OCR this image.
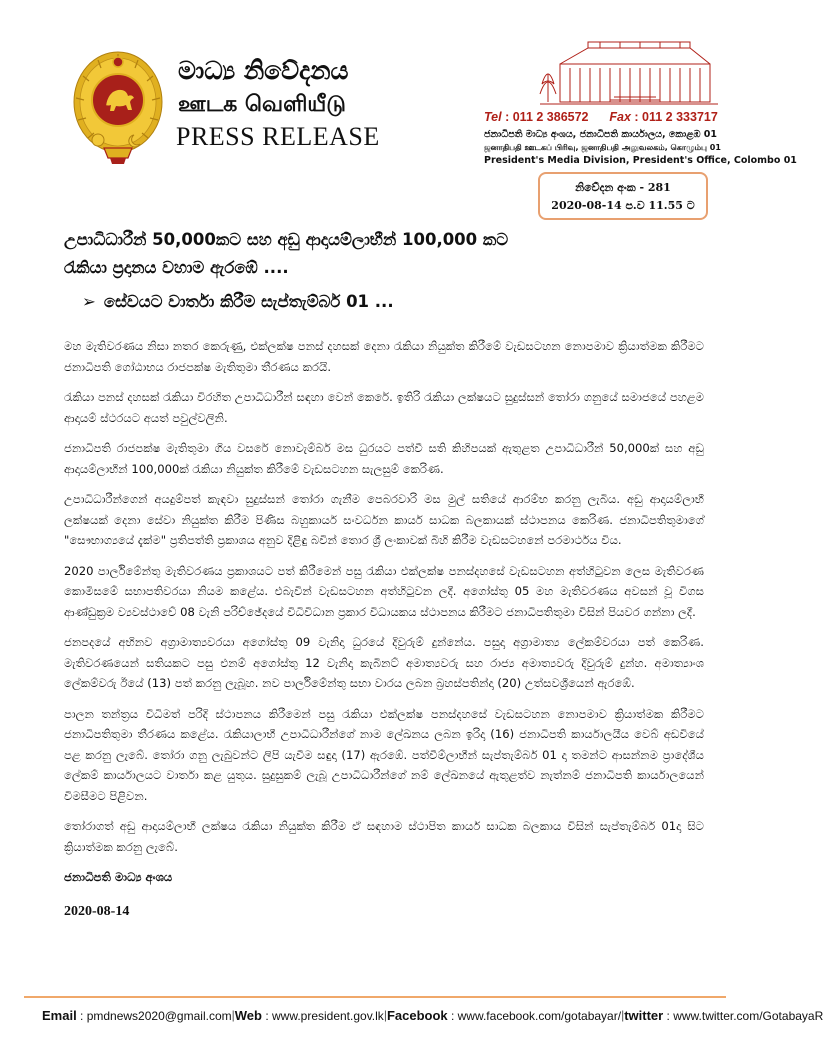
මාධ්‍ය නිවේදනය
ஊடக வெளியீடு
PRESS RELEASE
Tel : 011 2 386572 Fax : 011 2 333717
ජනාධිපති මාධ්‍ය අංශය, ජනාධිපති කාර්යාලය, කොළඹ 01
ஜனாதிபதி ஊடகப் பிரிவு, ஜனாதிபதி அலுவலகம், கொழும்பு 01
President's Media Division, President's Office, Colombo 01
නිවේදන අංක - 281
2020-08-14 ප.ව 11.55 ට
උපාධිධාරීන් 50,000කට සහ අඩු ආදායම්ලාභීන් 100,000 කට
රැකියා ප්‍රදානය වහාම ඇරඹේ ....
➢ සේවයට වාර්තා කිරීම සැප්තැම්බර් 01 ...

මහ මැතිවරණය නිසා නතර කෙරුණු, එක්ලක්ෂ පනස් දහසක් දෙනා රැකියා නියුක්ත කිරීමේ වැඩසටහන නොපමාව ක්‍රියාත්මක කිරීමට ජනාධිපති ගෝඨාභය රාජපක්ෂ මැතිතුමා තීරණය කරයි.

රැකියා පනස් දහසක් රැකියා විරහිත උපාධිධාරීන් සඳහා වෙන් කෙරේ. ඉතිරි රැකියා ලක්ෂයට සුදුස්සන් තෝරා ගනුයේ සමාජයේ පහළම ආදායම් ස්ථරයට අයත් පවුල්වලිනි.

ජනාධිපති රාජපක්ෂ මැතිතුමා ගිය වසරේ නොවැම්බර් මස ධුරයට පත්වී සති කිහිපයක් ඇතුළත උපාධිධාරීන් 50,000ක් සහ අඩු ආදායම්ලාභීන් 100,000ක් රැකියා නියුක්ත කිරීමේ වැඩසටහන සැලසුම් කෙරිණ.

උපාධිධාරීන්ගෙන් අයදුම්පත් කැඳවා සුදුස්සන් තෝරා ගැනීම පෙබරවාරි මස මුල් සතියේ ආරම්භ කරනු ලැබිය. අඩු ආදායම්ලාභී ලක්ෂයක් දෙනා සේවා නියුක්ත කිරීම පිණිස බහුකාර්ය සංවර්ධන කාර්ය සාධක බලකායක් ස්ථාපනය කෙරිණ. ජනාධිපතිතුමාගේ "සෞභාග්‍යයේ දැක්ම" ප්‍රතිපත්ති ප්‍රකාශය අනුව දිළිඳු බවින් තොර ශ්‍රී ලංකාවක් බිහි කිරීම වැඩසටහනේ පරමාර්ථය විය.

2020 පාර්ලිමේන්තු මැතිවරණය ප්‍රකාශයට පත් කිරීමෙන් පසු රැකියා එක්ලක්ෂ පනස්දහසේ වැඩසටහන අත්හිටුවන ලෙස මැතිවරණ කොමිසමේ සභාපතිවරයා නියම කළේය. එබැවින් වැඩසටහන අත්හිටුවන ලදී. අගෝස්තු 05 මහ මැතිවරණය අවසන් වූ විගස ආණ්ඩුක්‍රම ව්‍යවස්ථාවේ 08 වැනි පරිච්ඡේදයේ විධිවිධාන ප්‍රකාර විධායකය ස්ථාපනය කිරීමට ජනාධිපතිතුමා විසින් පියවර ගන්නා ලදී.

ජනපදයේ අභිනව අග්‍රාමාත්‍යවරයා අගෝස්තු 09 වැනිදා ධුරයේ දිවුරුම් දුන්නේය. පසුදා අග්‍රාමාත්‍ය ලේකම්වරයා පත් කෙරිණ. මැතිවරණයෙන් සතියකට පසු එනම් අගෝස්තු 12 වැනිදා කැබිනට් අමාත්‍යවරු සහ රාජ්‍ය අමාත්‍යවරු දිවුරුම් දුන්හ. අමාත්‍යාංශ ලේකම්වරු ඊයේ (13) පත් කරනු ලැබූහ. නව පාර්ලිමේන්තු සභා වාරය ලබන බ්‍රහස්පතින්දා (20) උත්සවශ්‍රීයෙන් ඇරඹේ.

පාලන තන්ත්‍රය විධිමත් පරිදි ස්ථාපනය කිරීමෙන් පසු රැකියා එක්ලක්ෂ පනස්දහසේ වැඩසටහන නොපමාව ක්‍රියාත්මක කිරීමට ජනාධිපතිතුමා තීරණය කළේය. රැකියාලාභී උපාධිධාරීන්ගේ නාම ලේඛනය ලබන ඉරිදා (16) ජනාධිපති කාර්යාලයීය වෙබ් අඩවියේ පළ කරනු ලැබේ. තෝරා ගනු ලැබුවන්ට ලිපි යැවීම සඳුදා (17) ඇරඹේ. පත්වීම්ලාභීන් සැප්තැම්බර් 01 දා තමන්ට ආසන්නම ප්‍රාදේශීය ලේකම් කාර්යාලයට වාර්තා කළ යුතුය. සුදුසුකම් ලැබූ උපාධිධාරීන්ගේ නම් ලේඛනයේ ඇතුළත්ව නැත්නම් ජනාධිපති කාර්යාලයෙන් විමසීමට පිළිවන.

තෝරාගත් අඩු ආදායම්ලාභී ලක්ෂය රැකියා නියුක්ත කිරීම ඒ සඳහාම ස්ථාපිත කාර්ය සාධක බලකාය විසින් සැප්තැම්බර් 01දා සිට ක්‍රියාත්මක කරනු ලැබේ.

ජනාධිපති මාධ්‍ය අංශය
2020-08-14
Email : pmdnews2020@gmail.com | Web : www.president.gov.lk | Facebook : www.facebook.com/gotabayar/ | twitter : www.twitter.com/GotabayaR
